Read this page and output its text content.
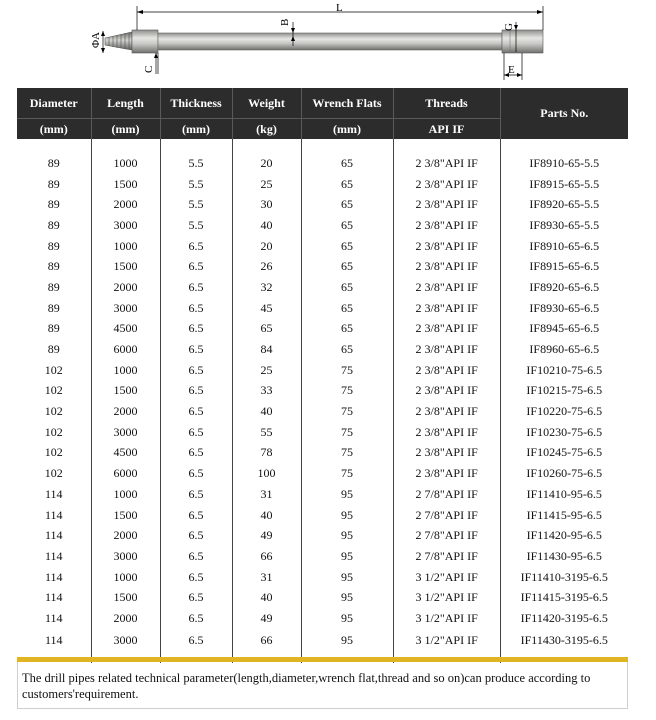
L
B
ΦA
C
G
E
Diameter	Length	Thickness	Weight	Wrench Flats	Threads	Parts No.
(mm)	(mm)	(mm)	(kg)	(mm)	API IF	

89	1000	5.5	20	65	2 3/8"API IF	IF8910-65-5.5
89	1500	5.5	25	65	2 3/8"API IF	IF8915-65-5.5
89	2000	5.5	30	65	2 3/8"API IF	IF8920-65-5.5
89	3000	5.5	40	65	2 3/8"API IF	IF8930-65-5.5
89	1000	6.5	20	65	2 3/8"API IF	IF8910-65-6.5
89	1500	6.5	26	65	2 3/8"API IF	IF8915-65-6.5
89	2000	6.5	32	65	2 3/8"API IF	IF8920-65-6.5
89	3000	6.5	45	65	2 3/8"API IF	IF8930-65-6.5
89	4500	6.5	65	65	2 3/8"API IF	IF8945-65-6.5
89	6000	6.5	84	65	2 3/8"API IF	IF8960-65-6.5
102	1000	6.5	25	75	2 3/8"API IF	IF10210-75-6.5
102	1500	6.5	33	75	2 3/8"API IF	IF10215-75-6.5
102	2000	6.5	40	75	2 3/8"API IF	IF10220-75-6.5
102	3000	6.5	55	75	2 3/8"API IF	IF10230-75-6.5
102	4500	6.5	78	75	2 3/8"API IF	IF10245-75-6.5
102	6000	6.5	100	75	2 3/8"API IF	IF10260-75-6.5
114	1000	6.5	31	95	2 7/8"API IF	IF11410-95-6.5
114	1500	6.5	40	95	2 7/8"API IF	IF11415-95-6.5
114	2000	6.5	49	95	2 7/8"API IF	IF11420-95-6.5
114	3000	6.5	66	95	2 7/8"API IF	IF11430-95-6.5
114	1000	6.5	31	95	3 1/2"API IF	IF11410-3195-6.5
114	1500	6.5	40	95	3 1/2"API IF	IF11415-3195-6.5
114	2000	6.5	49	95	3 1/2"API IF	IF11420-3195-6.5
114	3000	6.5	66	95	3 1/2"API IF	IF11430-3195-6.5
The drill pipes related technical parameter(length,diameter,wrench flat,thread and so on)can produce according to customers'requirement.
